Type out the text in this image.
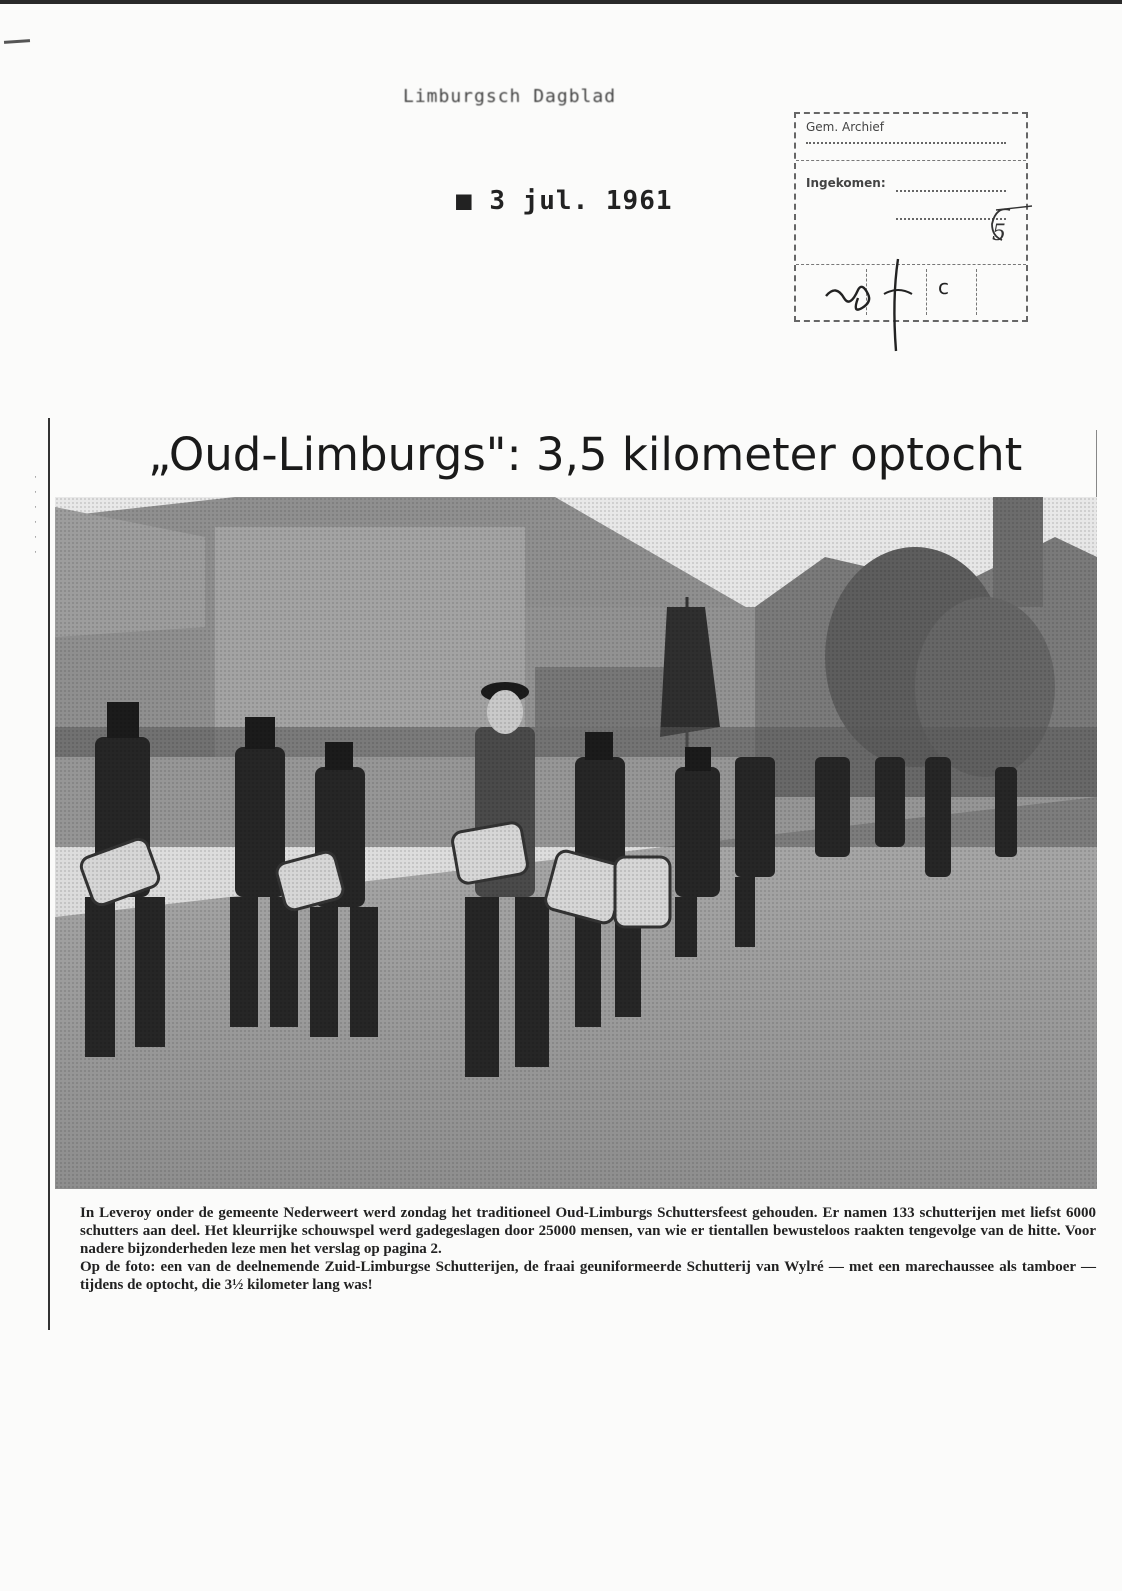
Limburgsch Dagblad
■ 3 jul. 1961
Gem. Archief
Ingekomen:
c
5
·
·
·
·
·
·
„Oud-Limburgs": 3,5 kilometer optocht
In Leveroy onder de gemeente Nederweert werd zondag het traditioneel Oud-Limburgs Schuttersfeest gehouden. Er namen 133 schutterijen met liefst 6000 schutters aan deel. Het kleurrijke schouwspel werd gadegeslagen door 25000 mensen, van wie er tientallen bewusteloos raakten tengevolge van de hitte. Voor nadere bijzonderheden leze men het verslag op pagina 2.
Op de foto: een van de deelnemende Zuid-Limburgse Schutterijen, de fraai geuniformeerde Schutterij van Wylré — met een marechaussee als tamboer — tijdens de optocht, die 3½ kilometer lang was!
